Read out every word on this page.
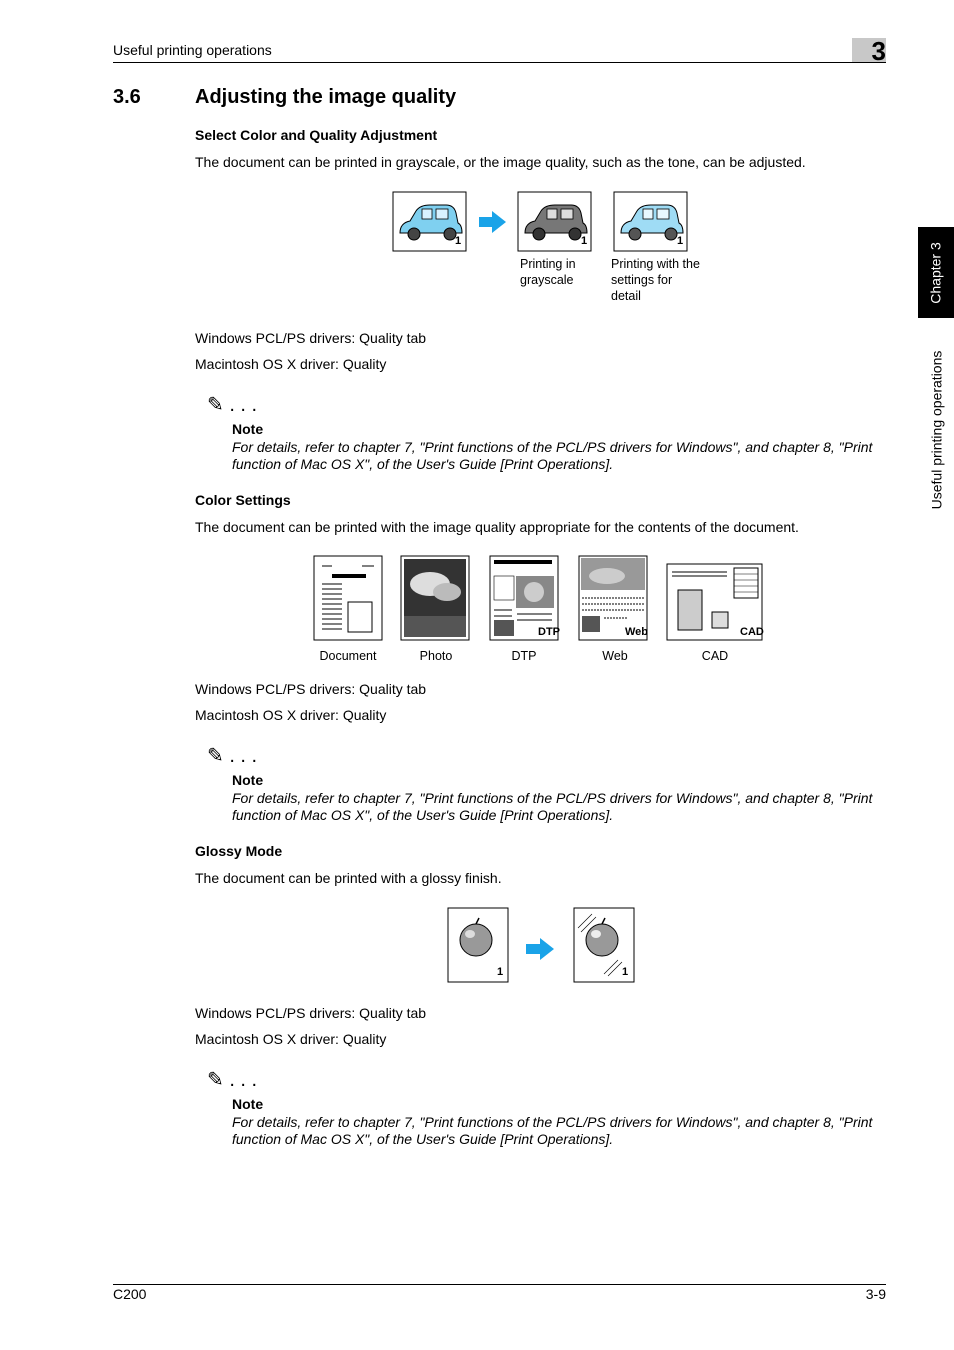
Useful printing operations	3
3.6	Adjusting the image quality
Chapter 3
Useful printing operations
Select Color and Quality Adjustment
The document can be printed in grayscale, or the image quality, such as the tone, can be adjusted.
1	1	1
Printing in grayscale
Printing with the settings for detail
Windows PCL/PS drivers: Quality tab
Macintosh OS X driver: Quality
✎ . . .
Note
For details, refer to chapter 7, "Print functions of the PCL/PS drivers for Windows", and chapter 8, "Print function of Mac OS X", of the User's Guide [Print Operations].
Color Settings
The document can be printed with the image quality appropriate for the contents of the document.
DTP	Web	CAD
Document	Photo	DTP	Web	CAD
Windows PCL/PS drivers: Quality tab
Macintosh OS X driver: Quality
✎ . . .
Note
For details, refer to chapter 7, "Print functions of the PCL/PS drivers for Windows", and chapter 8, "Print function of Mac OS X", of the User's Guide [Print Operations].
Glossy Mode
The document can be printed with a glossy finish.
1	1
Windows PCL/PS drivers: Quality tab
Macintosh OS X driver: Quality
✎ . . .
Note
For details, refer to chapter 7, "Print functions of the PCL/PS drivers for Windows", and chapter 8, "Print function of Mac OS X", of the User's Guide [Print Operations].
C200	3-9
